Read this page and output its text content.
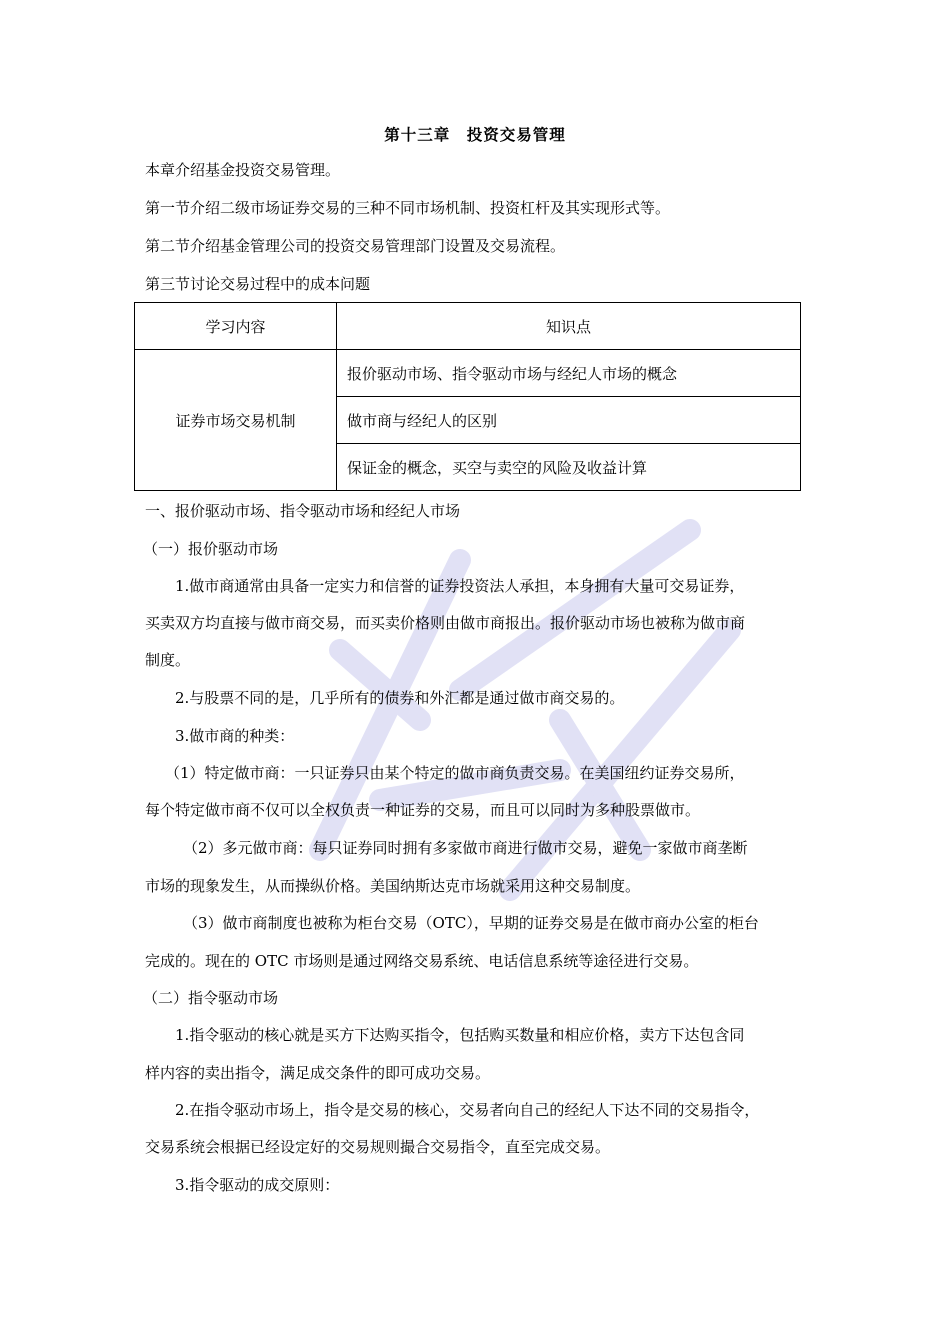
第十三章　投资交易管理
本章介绍基金投资交易管理。
第一节介绍二级市场证券交易的三种不同市场机制、投资杠杆及其实现形式等。
第二节介绍基金管理公司的投资交易管理部门设置及交易流程。
第三节讨论交易过程中的成本问题
学习内容	知识点
证券市场交易机制	报价驱动市场、指令驱动市场与经纪人市场的概念
	做市商与经纪人的区别
	保证金的概念，买空与卖空的风险及收益计算
一、报价驱动市场、指令驱动市场和经纪人市场
（一）报价驱动市场
1.做市商通常由具备一定实力和信誉的证券投资法人承担，本身拥有大量可交易证券，
买卖双方均直接与做市商交易，而买卖价格则由做市商报出。报价驱动市场也被称为做市商
制度。
2.与股票不同的是，几乎所有的债券和外汇都是通过做市商交易的。
3.做市商的种类：
（1）特定做市商：一只证券只由某个特定的做市商负责交易。在美国纽约证券交易所，
每个特定做市商不仅可以全权负责一种证券的交易，而且可以同时为多种股票做市。
（2）多元做市商：每只证券同时拥有多家做市商进行做市交易，避免一家做市商垄断
市场的现象发生，从而操纵价格。美国纳斯达克市场就采用这种交易制度。
（3）做市商制度也被称为柜台交易（OTC），早期的证券交易是在做市商办公室的柜台
完成的。现在的 OTC 市场则是通过网络交易系统、电话信息系统等途径进行交易。
（二）指令驱动市场
1.指令驱动的核心就是买方下达购买指令，包括购买数量和相应价格，卖方下达包含同
样内容的卖出指令，满足成交条件的即可成功交易。
2.在指令驱动市场上，指令是交易的核心，交易者向自己的经纪人下达不同的交易指令，
交易系统会根据已经设定好的交易规则撮合交易指令，直至完成交易。
3.指令驱动的成交原则：
